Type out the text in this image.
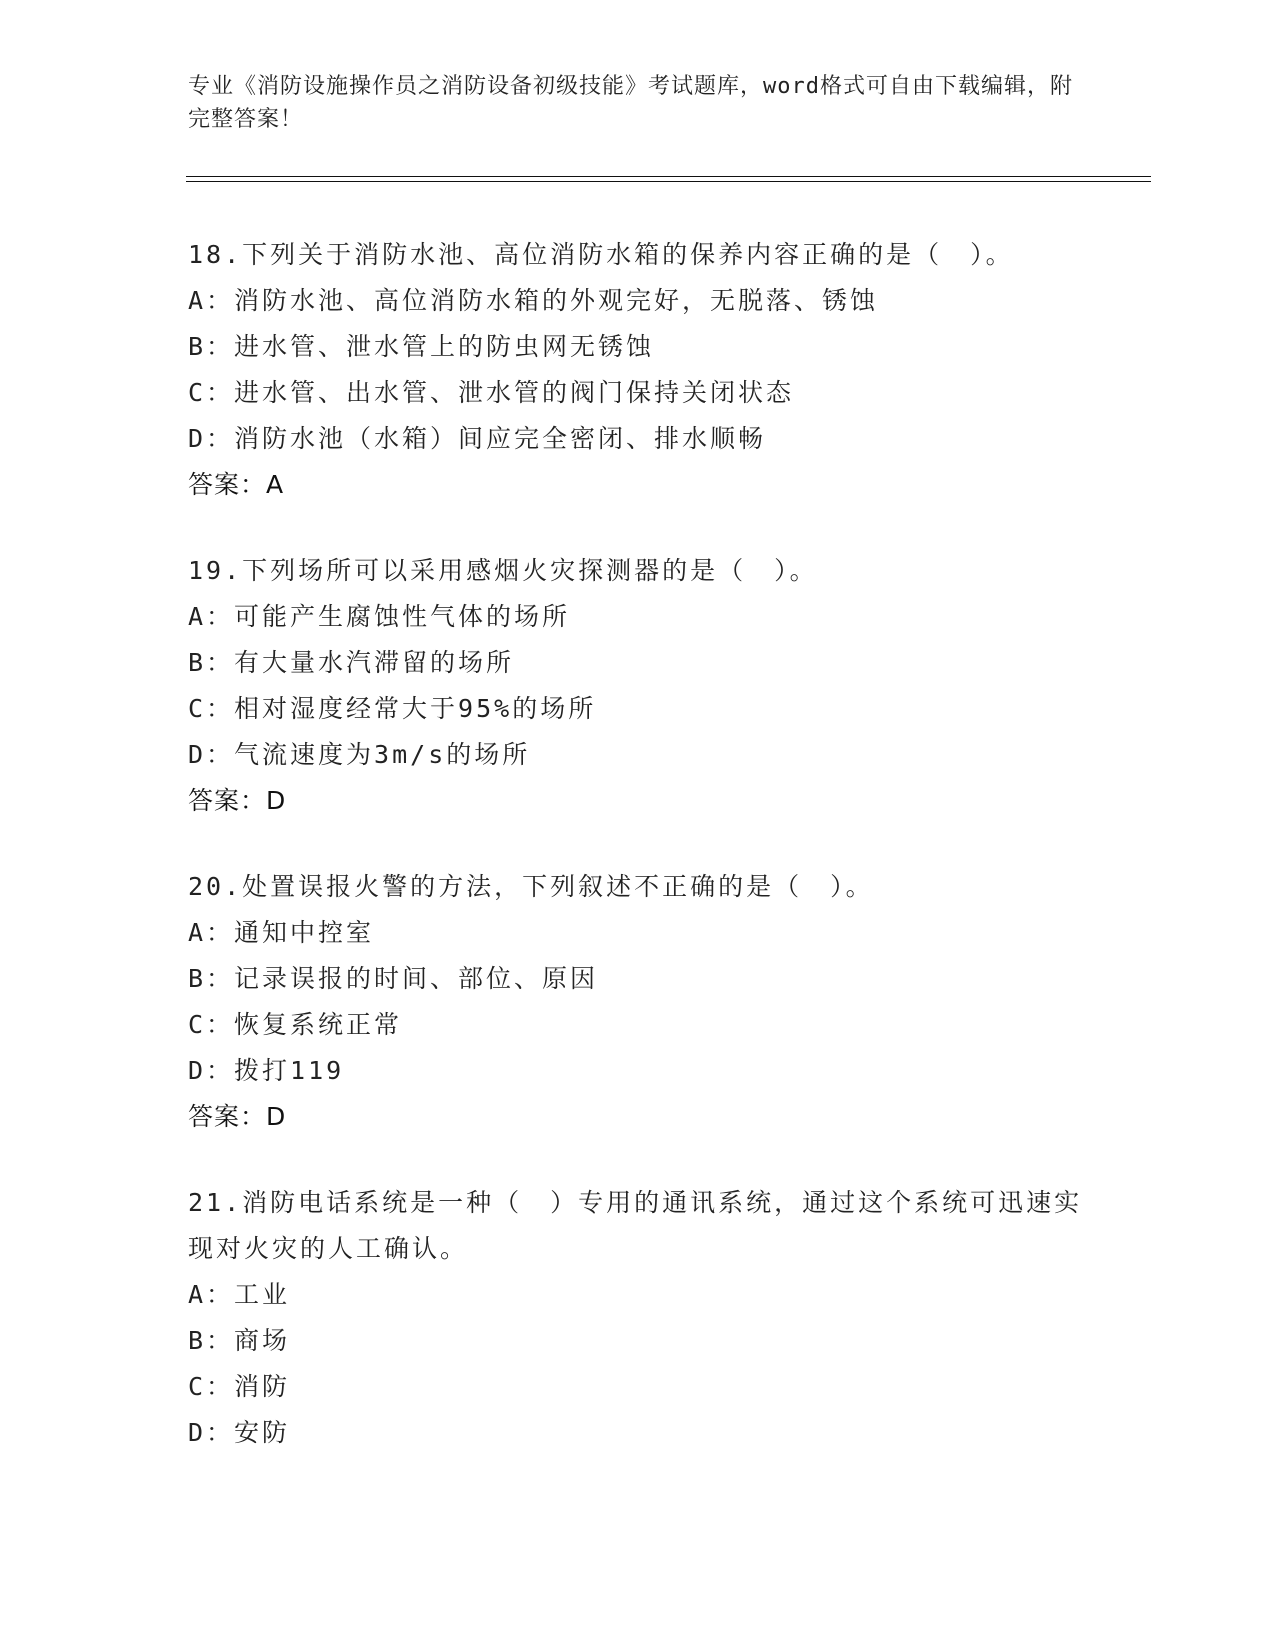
专业《消防设施操作员之消防设备初级技能》考试题库，word格式可自由下载编辑，附完整答案！
18.下列关于消防水池、高位消防水箱的保养内容正确的是（　）。
A：消防水池、高位消防水箱的外观完好，无脱落、锈蚀
B：进水管、泄水管上的防虫网无锈蚀
C：进水管、出水管、泄水管的阀门保持关闭状态
D：消防水池（水箱）间应完全密闭、排水顺畅
答案：A
19.下列场所可以采用感烟火灾探测器的是（　）。
A：可能产生腐蚀性气体的场所
B：有大量水汽滞留的场所
C：相对湿度经常大于95%的场所
D：气流速度为3m/s的场所
答案：D
20.处置误报火警的方法，下列叙述不正确的是（　）。
A：通知中控室
B：记录误报的时间、部位、原因
C：恢复系统正常
D：拨打119
答案：D
21.消防电话系统是一种（　）专用的通讯系统，通过这个系统可迅速实现对火灾的人工确认。
A：工业
B：商场
C：消防
D：安防
